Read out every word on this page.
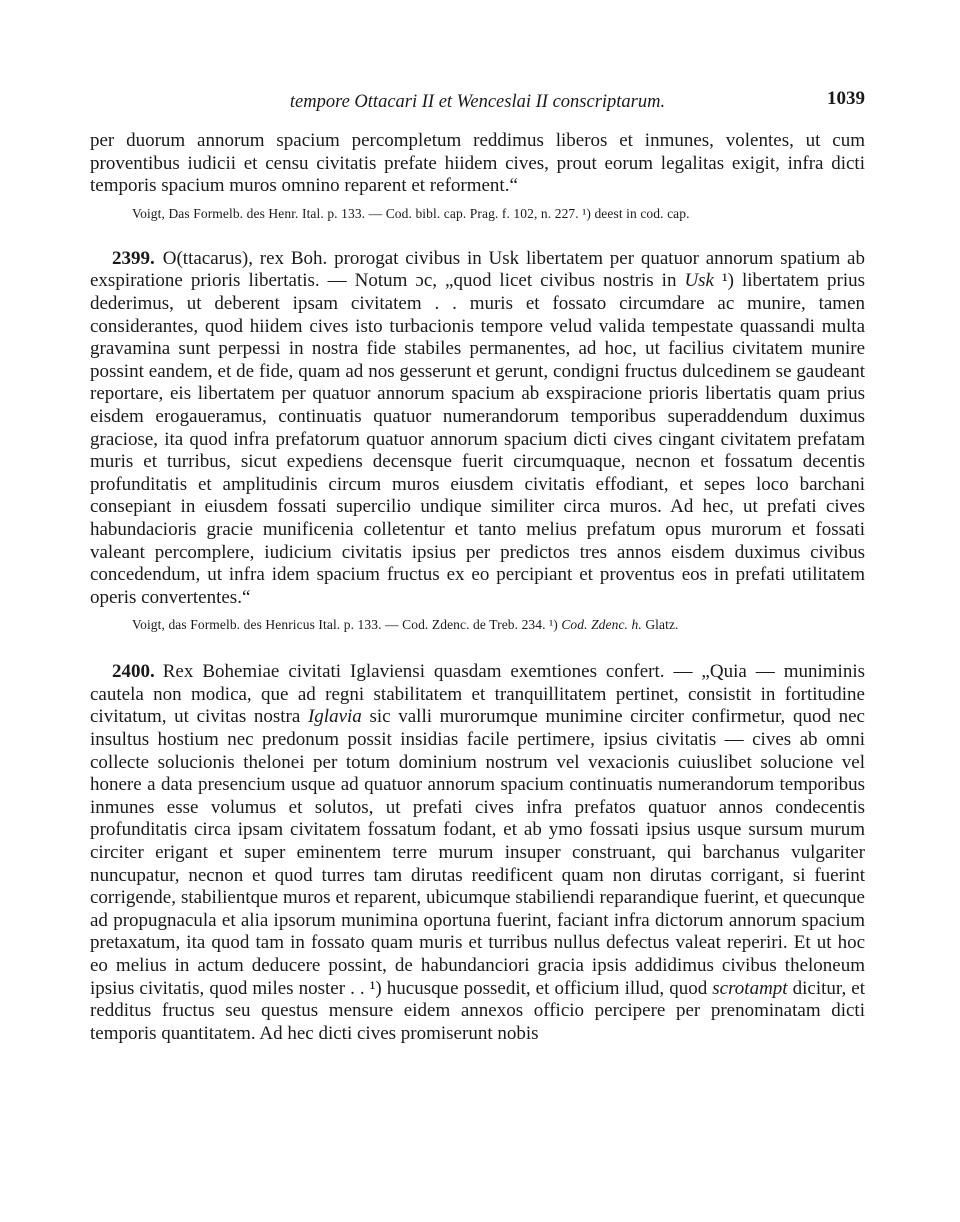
tempore Ottacari II et Wenceslai II conscriptarum.	1039

per duorum annorum spacium percompletum reddimus liberos et inmunes, volentes, ut cum proventibus iudicii et censu civitatis prefate hiidem cives, prout eorum legalitas exigit, infra dicti temporis spacium muros omnino reparent et reforment.“

Voigt, Das Formelb. des Henr. Ital. p. 133. — Cod. bibl. cap. Prag. f. 102, n. 227. ¹) deest in cod. cap.

2399. O(ttacarus), rex Boh. prorogat civibus in Usk libertatem per quatuor annorum spatium ab exspiratione prioris libertatis. — Notum ɔc, „quod licet civibus nostris in Usk ¹) libertatem prius dederimus, ut deberent ipsam civitatem . . muris et fossato circumdare ac munire, tamen considerantes, quod hiidem cives isto turbacionis tempore velud valida tempestate quassandi multa gravamina sunt perpessi in nostra fide stabiles permanentes, ad hoc, ut facilius civitatem munire possint eandem, et de fide, quam ad nos gesserunt et gerunt, condigni fructus dulcedinem se gaudeant reportare, eis libertatem per quatuor annorum spacium ab exspiracione prioris libertatis quam prius eisdem erogaueramus, continuatis quatuor numerandorum temporibus superaddendum duximus graciose, ita quod infra prefatorum quatuor annorum spacium dicti cives cingant civitatem prefatam muris et turribus, sicut expediens decensque fuerit circumquaque, necnon et fossatum decentis profunditatis et amplitudinis circum muros eiusdem civitatis effodiant, et sepes loco barchani consepiant in eiusdem fossati supercilio undique similiter circa muros. Ad hec, ut prefati cives habundacioris gracie munificenia colletentur et tanto melius prefatum opus murorum et fossati valeant percomplere, iudicium civitatis ipsius per predictos tres annos eisdem duximus civibus concedendum, ut infra idem spacium fructus ex eo percipiant et proventus eos in prefati utilitatem operis convertentes.“

Voigt, das Formelb. des Henricus Ital. p. 133. — Cod. Zdenc. de Treb. 234. ¹) Cod. Zdenc. h. Glatz.

2400. Rex Bohemiae civitati Iglaviensi quasdam exemtiones confert. — „Quia — muniminis cautela non modica, que ad regni stabilitatem et tranquillitatem pertinet, consistit in fortitudine civitatum, ut civitas nostra Iglavia sic valli murorumque munimine circiter confirmetur, quod nec insultus hostium nec predonum possit insidias facile pertimere, ipsius civitatis — cives ab omni collecte solucionis thelonei per totum dominium nostrum vel vexacionis cuiuslibet solucione vel honere a data presencium usque ad quatuor annorum spacium continuatis numerandorum temporibus inmunes esse volumus et solutos, ut prefati cives infra prefatos quatuor annos condecentis profunditatis circa ipsam civitatem fossatum fodant, et ab ymo fossati ipsius usque sursum murum circiter erigant et super eminentem terre murum insuper construant, qui barchanus vulgariter nuncupatur, necnon et quod turres tam dirutas reedificent quam non dirutas corrigant, si fuerint corrigende, stabilientque muros et reparent, ubicumque stabiliendi reparandique fuerint, et quecunque ad propugnacula et alia ipsorum munimina oportuna fuerint, faciant infra dictorum annorum spacium pretaxatum, ita quod tam in fossato quam muris et turribus nullus defectus valeat reperiri. Et ut hoc eo melius in actum deducere possint, de habundanciori gracia ipsis addidimus civibus theloneum ipsius civitatis, quod miles noster . . ¹) hucusque possedit, et officium illud, quod scrotampt dicitur, et redditus fructus seu questus mensure eidem annexos officio percipere per prenominatam dicti temporis quantitatem. Ad hec dicti cives promiserunt nobis
